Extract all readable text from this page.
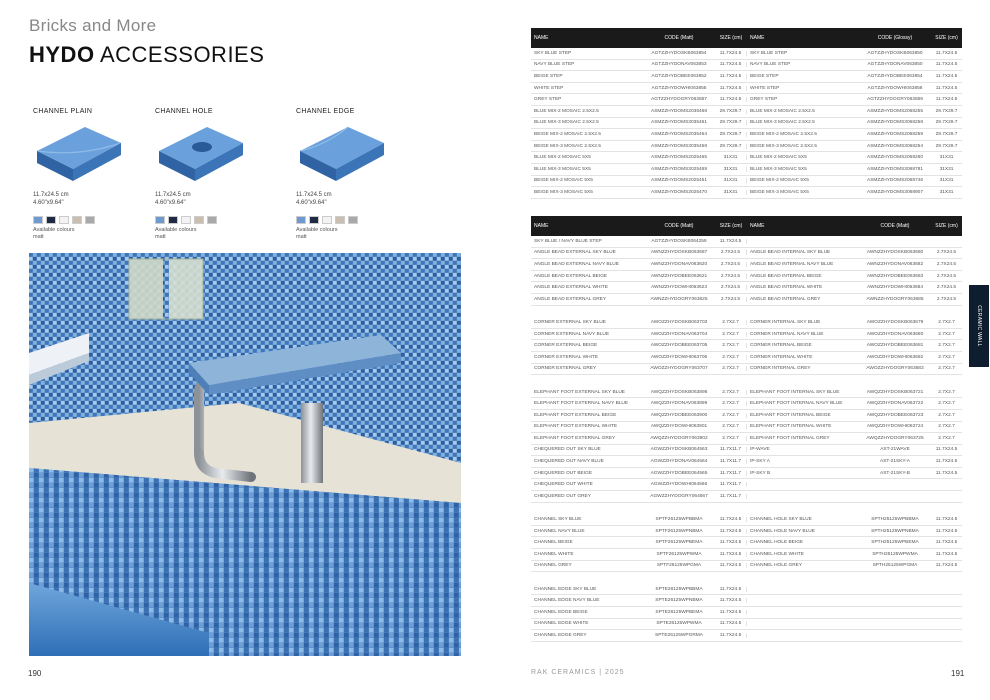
Bricks and More
HYDO ACCESSORIES
CHANNEL PLAIN
11.7x24.5 cm
4.60"x9.64"
Available colours
matt
CHANNEL HOLE
11.7x24.5 cm
4.60"x9.64"
Available colours
matt
CHANNEL EDGE
11.7x24.5 cm
4.60"x9.64"
Available colours
matt
190
NAME	CODE (Matt)	SIZE (cm)	NAME	CODE (Glossy)	SIZE (cm)
SKY BLUE STEP	AGTZZHYDOSKB063854	11.7X24.5	SKY BLUE STEP	AGTZZHYDOSKB063850	11.7X24.5
NAVY BLUE STEP	AGTZZHYDONAV063853	11.7X24.5	NAVY BLUE STEP	AGTZZHYDONAV063850	11.7X24.5
BEIGE STEP	AGTZZHYDOBEE063852	11.7X24.5	BEIGE STEP	AGTZZHYDOBEE063854	11.7X24.5
WHITE STEP	AGTZZHYDOWHI063855	11.7X24.5	WHITE STEP	AGTZZHYDOWHI063858	11.7X24.5
GREY STEP	AGTZZHYDOGRY063857	11.7X24.5	GREY STEP	AGTZZHYDOGRY063859	11.7X24.5
BLUE MIX-2 MOSAIC 2.5X2.5	ASMZZHYDOMS2035468	29.7X29.7	BLUE MIX-2 MOSAIC 2.5X2.5	ASMZZHYDOMS2068255	29.7X29.7
BLUE MIX-3 MOSAIC 2.5X2.5	ASMZZHYDOMS3035461	29.7X29.7	BLUE MIX-3 MOSAIC 2.5X2.5	ASMZZHYDOMS3068258	29.7X29.7
BEIGE MIX-2 MOSAIC 2.5X2.5	ASMZZHYDOMS2035454	29.7X29.7	BEIGE MIX-2 MOSAIC 2.5X2.5	ASMZZHYDOMS2068259	29.7X29.7
BEIGE MIX-3 MOSAIC 2.5X2.5	ASMZZHYDOMS3035458	29.7X29.7	BEIGE MIX-3 MOSAIC 2.5X2.5	ASMZZHYDOMS3068254	29.7X29.7
BLUE MIX-2 MOSAIC 5X5	ASMZZHYDOMS2025465	31X31	BLUE MIX-2 MOSAIC 5X5	ASMZZHYDOMS2068260	31X31
BLUE MIX-3 MOSAIC 5X5	ASMZZHYDOMS3025469	31X31	BLUE MIX-3 MOSAIC 5X5	ASMZZHYDOMS3068781	31X31
BEIGE MIX-2 MOSAIC 5X5	ASMZZHYDOMS2025451	31X31	BEIGE MIX-2 MOSAIC 5X5	ASMZZHYDOMS2068746	31X31
BEIGE MIX-3 MOSAIC 5X5	ASMZZHYDOMS3025470	31X31	BEIGE MIX-3 MOSAIC 5X5	ASMZZHYDOMS3068907	31X31
NAME	CODE (Matt)	SIZE (cm)	NAME	CODE (Matt)	SIZE (cm)
SKY BLUE / NAVY BLUE STEP	AGTZZHYDOSKB064259	11.7X24.5
ANGLE BEAD EXTERNAL SKY BLUE	AWNZZHYDOSKB063687	2.7X24.5	ANGLE BEAD INTERNAL SKY BLUE	AWNZZHYDOSKB063680	2.7X24.5
ANGLE BEAD EXTERNAL NAVY BLUE	AWNZZHYDONAV063620	2.7X24.5	ANGLE BEAD INTERNAL NAVY BLUE	AWNZZHYDONAV063682	2.7X24.5
ANGLE BEAD EXTERNAL BEIGE	AWNZZHYDOBEE063621	2.7X24.5	ANGLE BEAD INTERNAL BEIGE	AWNZZHYDOBEE063683	2.7X24.5
ANGLE BEAD EXTERNAL WHITE	AWNZZHYDOWHI063623	2.7X24.5	ANGLE BEAD INTERNAL WHITE	AWNZZHYDOWHI063684	2.7X24.5
ANGLE BEAD EXTERNAL GREY	AWNZZHYDOGRY063625	2.7X24.5	ANGLE BEAD INTERNAL GREY	AWNZZHYDOGRY063685	2.7X24.5
CORNER EXTERNAL SKY BLUE	AWOZZHYDOSKB063703	2.7X2.7	CORNER INTERNAL SKY BLUE	AWOZZHYDOSKB063679	2.7X2.7
CORNER EXTERNAL NAVY BLUE	AWOZZHYDONAV063704	2.7X2.7	CORNER INTERNAL NAVY BLUE	AWOZZHYDONAV063680	2.7X2.7
CORNER EXTERNAL BEIGE	AWOZZHYDOBEE063705	2.7X2.7	CORNER INTERNAL BEIGE	AWOZZHYDOBEE063681	2.7X2.7
CORNER EXTERNAL WHITE	AWOZZHYDOWHI063706	2.7X2.7	CORNER INTERNAL WHITE	AWOZZHYDOWHI063682	2.7X2.7
CORNER EXTERNAL GREY	AWOZZHYDOGRY063707	2.7X2.7	CORNER INTERNAL GREY	AWOZZHYDOGRY063683	2.7X2.7
ELEPHANT FOOT EXTERNAL SKY BLUE	AWQZZHYDOSKB063898	2.7X2.7	ELEPHANT FOOT INTERNAL SKY BLUE	AWQZZHYDOSKB063721	2.7X2.7
ELEPHANT FOOT EXTERNAL NAVY BLUE	AWQZZHYDONAV063899	2.7X2.7	ELEPHANT FOOT INTERNAL NAVY BLUE	AWQZZHYDONAV063722	2.7X2.7
ELEPHANT FOOT EXTERNAL BEIGE	AWQZZHYDOBEE063900	2.7X2.7	ELEPHANT FOOT INTERNAL BEIGE	AWQZZHYDOBEE063723	2.7X2.7
ELEPHANT FOOT EXTERNAL WHITE	AWQZZHYDOWHI063901	2.7X2.7	ELEPHANT FOOT INTERNAL WHITE	AWQZZHYDOWHI063724	2.7X2.7
ELEPHANT FOOT EXTERNAL GREY	AWQZZHYDOGRY063902	2.7X2.7	ELEPHANT FOOT INTERNAL GREY	AWQZZHYDOGRY063725	2.7X2.7
CHEQUERED OUT SKY BLUE	AGWZZHYDOSKB064563	11.7X11.7	IP-WAVE	AST-21WAVE	11.7X24.5
CHEQUERED OUT NAVY BLUE	AGWZZHYDONAV064564	11.7X11.7	IP-SKY A	AST-21SKY-A	11.7X24.5
CHEQUERED OUT BEIGE	AGWZZHYDOBEE064565	11.7X11.7	IP-SKY B	AST-21SKY-B	11.7X24.5
CHEQUERED OUT WHITE	AGWZZHYDOWHI064566	11.7X11.7
CHEQUERED OUT GREY	AGWZZHYDOGRY064567	11.7X11.7
CHANNEL SKY BLUE	SPTF26125WPBBMA	11.7X24.5	CHANNEL HOLE SKY BLUE	SPTH25125WPBBMA	11.7X24.5
CHANNEL NAVY BLUE	SPTF26125WPNBMA	11.7X24.5	CHANNEL HOLE NAVY BLUE	SPTH25125WPNBMA	11.7X24.5
CHANNEL BEIGE	SPTF26125WPBEMA	11.7X24.5	CHANNEL HOLE BEIGE	SPTH25125WPBEMA	11.7X24.5
CHANNEL WHITE	SPTF26125WPWMA	11.7X24.5	CHANNEL HOLE WHITE	SPTH25125WPWMA	11.7X24.5
CHANNEL GREY	SPTF26125WPGMA	11.7X24.5	CHANNEL HOLE GREY	SPTH25125WPGMA	11.7X24.5
CHANNEL EDGE SKY BLUE	SPTE26125WPBBMA	11.7X24.5
CHANNEL EDGE NAVY BLUE	SPTE26125WPNBMA	11.7X24.5
CHANNEL EDGE BEIGE	SPTE26125WPBEMA	11.7X24.5
CHANNEL EDGE WHITE	SPTE26125WPWMA	11.7X24.5
CHANNEL EDGE GREY	SPTE26125WPGRMA	11.7X24.5
CERAMIC WALL
RAK CERAMICS | 2025	191
